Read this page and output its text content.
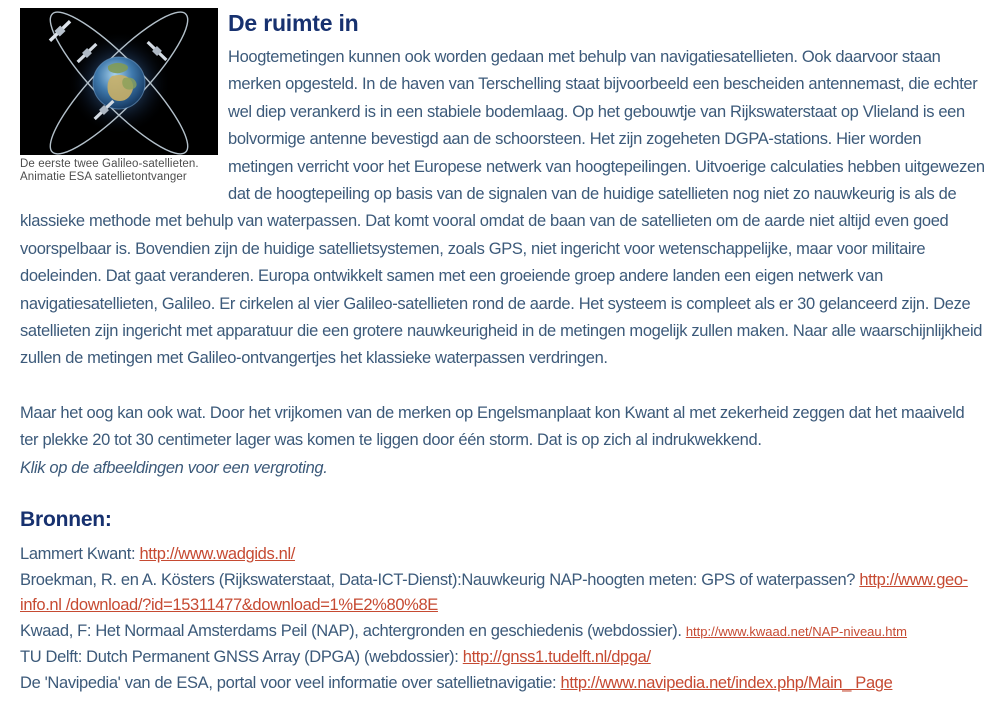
De eerste twee Galileo-satellieten.
Animatie ESA satellietontvanger
De ruimte in

Hoogtemetingen kunnen ook worden gedaan met behulp van navigatiesatellieten. Ook daarvoor staan merken opgesteld. In de haven van Terschelling staat bijvoorbeeld een bescheiden antennemast, die echter wel diep verankerd is in een stabiele bodemlaag. Op het gebouwtje van Rijkswaterstaat op Vlieland is een bolvormige antenne bevestigd aan de schoorsteen. Het zijn zogeheten DGPA-stations. Hier worden metingen verricht voor het Europese netwerk van hoogtepeilingen. Uitvoerige calculaties hebben uitgewezen dat de hoogtepeiling op basis van de signalen van de huidige satellieten nog niet zo nauwkeurig is als de klassieke methode met behulp van waterpassen. Dat komt vooral omdat de baan van de satellieten om de aarde niet altijd even goed voorspelbaar is. Bovendien zijn de huidige satellietsystemen, zoals GPS, niet ingericht voor wetenschappelijke, maar voor militaire doeleinden. Dat gaat veranderen. Europa ontwikkelt samen met een groeiende groep andere landen een eigen netwerk van navigatiesatellieten, Galileo. Er cirkelen al vier Galileo-satellieten rond de aarde. Het systeem is compleet als er 30 gelanceerd zijn. Deze satellieten zijn ingericht met apparatuur die een grotere nauwkeurigheid in de metingen mogelijk zullen maken. Naar alle waarschijnlijkheid zullen de metingen met Galileo-ontvangertjes het klassieke waterpassen verdringen.

Maar het oog kan ook wat. Door het vrijkomen van de merken op Engelsmanplaat kon Kwant al met zekerheid zeggen dat het maaiveld ter plekke 20 tot 30 centimeter lager was komen te liggen door één storm. Dat is op zich al indrukwekkend.

Klik op de afbeeldingen voor een vergroting.

Bronnen:
Lammert Kwant: http://www.wadgids.nl/
Broekman, R. en A. Kösters (Rijkswaterstaat, Data-ICT-Dienst):Nauwkeurig NAP-hoogten meten: GPS of waterpassen? http://www.geo-info.nl /download/?id=15311477&download=1%E2%80%8E
Kwaad, F: Het Normaal Amsterdams Peil (NAP), achtergronden en geschiedenis (webdossier). http://www.kwaad.net/NAP-niveau.htm
TU Delft: Dutch Permanent GNSS Array (DPGA) (webdossier): http://gnss1.tudelft.nl/dpga/
De 'Navipedia' van de ESA, portal voor veel informatie over satellietnavigatie: http://www.navipedia.net/index.php/Main_ Page
